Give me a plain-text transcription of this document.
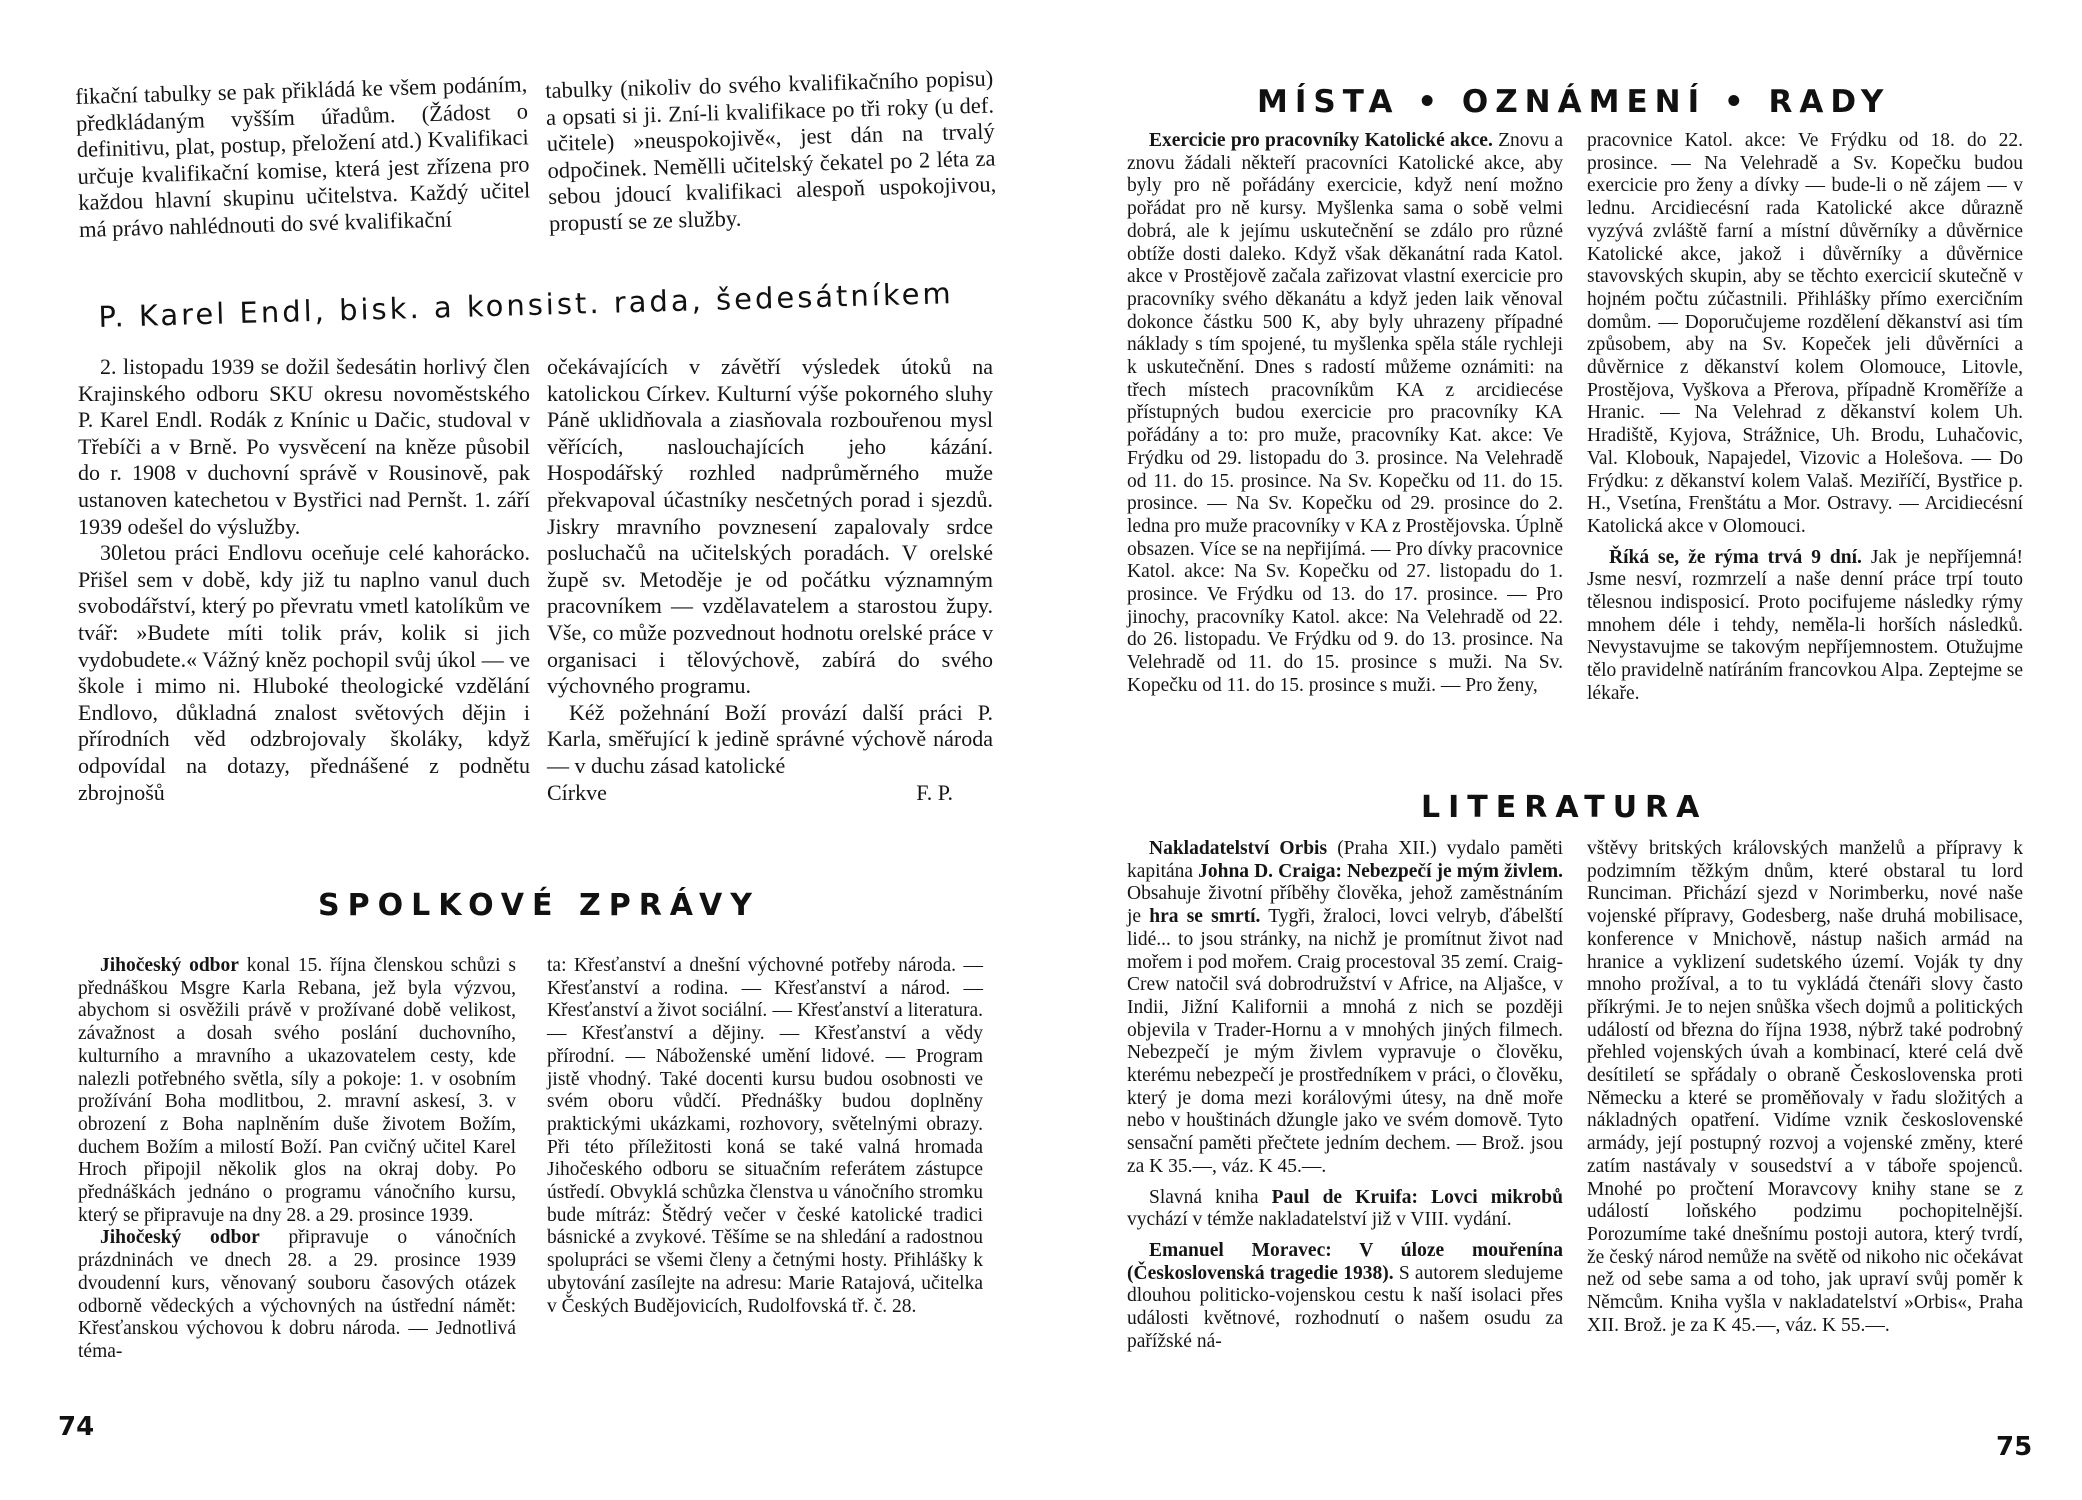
fikační tabulky se pak přikládá ke všem podáním, předkládaným vyšším úřadům. (Žádost o definitivu, plat, postup, přeložení atd.) Kvalifikaci určuje kvalifikační komise, která jest zřízena pro každou hlavní skupinu učitelstva. Každý učitel má právo nahlédnouti do své kvalifikační

tabulky (nikoliv do svého kvalifikačního popisu) a opsati si ji. Zní-li kvalifikace po tři roky (u def. učitele) »neuspokojivě«, jest dán na trvalý odpočinek. Nemělli učitelský čekatel po 2 léta za sebou jdoucí kvalifikaci alespoň uspokojivou, propustí se ze služby.

P. Karel Endl, bisk. a konsist. rada, šedesátníkem

2. listopadu 1939 se dožil šedesátin horlivý člen Krajinského odboru SKU okresu novoměstského P. Karel Endl. Rodák z Knínic u Dačic, studoval v Třebíči a v Brně. Po vysvěcení na kněze působil do r. 1908 v duchovní správě v Rousinově, pak ustanoven katechetou v Bystřici nad Pernšt. 1. září 1939 odešel do výslužby.

30letou práci Endlovu oceňuje celé kahorácko. Přišel sem v době, kdy již tu naplno vanul duch svobodářství, který po převratu vmetl katolíkům ve tvář: »Budete míti tolik práv, kolik si jich vydobudete.« Vážný kněz pochopil svůj úkol — ve škole i mimo ni. Hluboké theologické vzdělání Endlovo, důkladná znalost světových dějin i přírodních věd odzbrojovaly školáky, když odpovídal na dotazy, přednášené z podnětu zbrojnošů

očekávajících v závětří výsledek útoků na katolickou Církev. Kulturní výše pokorného sluhy Páně uklidňovala a ziasňovala rozbouřenou mysl věřících, naslouchajících jeho kázání. Hospodářský rozhled nadprůměrného muže překvapoval účastníky nesčetných porad i sjezdů. Jiskry mravního povznesení zapalovaly srdce posluchačů na učitelských poradách. V orelské župě sv. Metoděje je od počátku významným pracovníkem — vzdělavatelem a starostou župy. Vše, co může pozvednout hodnotu orelské práce v organisaci i tělovýchově, zabírá do svého výchovného programu.

Kéž požehnání Boží provází další práci P. Karla, směřující k jedině správné výchově národa — v duchu zásad katolické

Církve	F. P.
SPOLKOVÉ ZPRÁVY

Jihočeský odbor konal 15. října členskou schůzi s přednáškou Msgre Karla Rebana, jež byla výzvou, abychom si osvěžili právě v prožívané době velikost, závažnost a dosah svého poslání duchovního, kulturního a mravního a ukazovatelem cesty, kde nalezli potřebného světla, síly a pokoje: 1. v osobním prožívání Boha modlitbou, 2. mravní askesí, 3. v obrození z Boha naplněním duše životem Božím, duchem Božím a milostí Boží. Pan cvičný učitel Karel Hroch připojil několik glos na okraj doby. Po přednáškách jednáno o programu vánočního kursu, který se připravuje na dny 28. a 29. prosince 1939.

Jihočeský odbor připravuje o vánočních prázdninách ve dnech 28. a 29. prosince 1939 dvoudenní kurs, věnovaný souboru časových otázek odborně vědeckých a výchovných na ústřední námět: Křesťanskou výchovou k dobru národa. — Jednotlivá téma-

ta: Křesťanství a dnešní výchovné potřeby národa. — Křesťanství a rodina. — Křesťanství a národ. — Křesťanství a život sociální. — Křesťanství a literatura. — Křesťanství a dějiny. — Křesťanství a vědy přírodní. — Náboženské umění lidové. — Program jistě vhodný. Také docenti kursu budou osobnosti ve svém oboru vůdčí. Přednášky budou doplněny praktickými ukázkami, rozhovory, světelnými obrazy. Při této příležitosti koná se také valná hromada Jihočeského odboru se situačním referátem zástupce ústředí. Obvyklá schůzka členstva u vánočního stromku bude mítráz: Štědrý večer v české katolické tradici básnické a zvykové. Těšíme se na shledání a radostnou spolupráci se všemi členy a četnými hosty. Přihlášky k ubytování zasílejte na adresu: Marie Ratajová, učitelka v Českých Budějovicích, Rudolfovská tř. č. 28.

74
MÍSTA • OZNÁMENÍ • RADY

Exercicie pro pracovníky Katolické akce. Znovu a znovu žádali někteří pracovníci Katolické akce, aby byly pro ně pořádány exercicie, když není možno pořádat pro ně kursy. Myšlenka sama o sobě velmi dobrá, ale k jejímu uskutečnění se zdálo pro různé obtíže dosti daleko. Když však děkanátní rada Katol. akce v Prostějově začala zařizovat vlastní exercicie pro pracovníky svého děkanátu a když jeden laik věnoval dokonce částku 500 K, aby byly uhrazeny případné náklady s tím spojené, tu myšlenka spěla stále rychleji k uskutečnění. Dnes s radostí můžeme oznámiti: na třech místech pracovníkům KA z arcidiecése přístupných budou exercicie pro pracovníky KA pořádány a to: pro muže, pracovníky Kat. akce: Ve Frýdku od 29. listopadu do 3. prosince. Na Velehradě od 11. do 15. prosince. Na Sv. Kopečku od 11. do 15. prosince. — Na Sv. Kopečku od 29. prosince do 2. ledna pro muže pracovníky v KA z Prostějovska. Úplně obsazen. Více se na nepřijímá. — Pro dívky pracovnice Katol. akce: Na Sv. Kopečku od 27. listopadu do 1. prosince. Ve Frýdku od 13. do 17. prosince. — Pro jinochy, pracovníky Katol. akce: Na Velehradě od 22. do 26. listopadu. Ve Frýdku od 9. do 13. prosince. Na Velehradě od 11. do 15. prosince s muži. Na Sv. Kopečku od 11. do 15. prosince s muži. — Pro ženy,

pracovnice Katol. akce: Ve Frýdku od 18. do 22. prosince. — Na Velehradě a Sv. Kopečku budou exercicie pro ženy a dívky — bude-li o ně zájem — v lednu. Arcidiecésní rada Katolické akce důrazně vyzývá zvláště farní a místní důvěrníky a důvěrnice Katolické akce, jakož i důvěrníky a důvěrnice stavovských skupin, aby se těchto exercicií skutečně v hojném počtu zúčastnili. Přihlášky přímo exercičním domům. — Doporučujeme rozdělení děkanství asi tím způsobem, aby na Sv. Kopeček jeli důvěrníci a důvěrnice z děkanství kolem Olomouce, Litovle, Prostějova, Vyškova a Přerova, případně Kroměříže a Hranic. — Na Velehrad z děkanství kolem Uh. Hradiště, Kyjova, Strážnice, Uh. Brodu, Luhačovic, Val. Klobouk, Napajedel, Vizovic a Holešova. — Do Frýdku: z děkanství kolem Valaš. Meziříčí, Bystřice p. H., Vsetína, Frenštátu a Mor. Ostravy. — Arcidiecésní Katolická akce v Olomouci.

Říká se, že rýma trvá 9 dní. Jak je nepříjemná! Jsme nesví, rozmrzelí a naše denní práce trpí touto tělesnou indisposicí. Proto pocifujeme následky rýmy mnohem déle i tehdy, neměla-li horších následků. Nevystavujme se takovým nepříjemnostem. Otužujme tělo pravidelně natíráním francovkou Alpa. Zeptejme se lékaře.

LITERATURA

Nakladatelství Orbis (Praha XII.) vydalo paměti kapitána Johna D. Craiga: Nebezpečí je mým živlem. Obsahuje životní příběhy člověka, jehož zaměstnáním je hra se smrtí. Tygři, žraloci, lovci velryb, ďábelští lidé... to jsou stránky, na nichž je promítnut život nad mořem i pod mořem. Craig procestoval 35 zemí. Craig-Crew natočil svá dobrodružství v Africe, na Aljašce, v Indii, Jižní Kalifornii a mnohá z nich se později objevila v Trader-Hornu a v mnohých jiných filmech. Nebezpečí je mým živlem vypravuje o člověku, kterému nebezpečí je prostředníkem v práci, o člověku, který je doma mezi korálovými útesy, na dně moře nebo v houštinách džungle jako ve svém domově. Tyto sensační paměti přečtete jedním dechem. — Brož. jsou za K 35.—, váz. K 45.—.

Slavná kniha Paul de Kruifa: Lovci mikrobů vychází v témže nakladatelství již v VIII. vydání.

Emanuel Moravec: V úloze mouřenína (Československá tragedie 1938). S autorem sledujeme dlouhou politicko-vojenskou cestu k naší isolaci přes události květnové, rozhodnutí o našem osudu za pařížské ná-

vštěvy britských královských manželů a přípravy k podzimním těžkým dnům, které obstaral tu lord Runciman. Přichází sjezd v Norimberku, nové naše vojenské přípravy, Godesberg, naše druhá mobilisace, konference v Mnichově, nástup našich armád na hranice a vyklizení sudetského území. Voják ty dny mnoho prožíval, a to tu vykládá čtenáři slovy často příkrými. Je to nejen snůška všech dojmů a politických událostí od března do října 1938, nýbrž také podrobný přehled vojenských úvah a kombinací, které celá dvě desítiletí se spřádaly o obraně Československa proti Německu a které se proměňovaly v řadu složitých a nákladných opatření. Vidíme vznik československé armády, její postupný rozvoj a vojenské změny, které zatím nastávaly v sousedství a v táboře spojenců. Mnohé po pročtení Moravcovy knihy stane se z událostí loňského podzimu pochopitelnější. Porozumíme také dnešnímu postoji autora, který tvrdí, že český národ nemůže na světě od nikoho nic očekávat než od sebe sama a od toho, jak upraví svůj poměr k Němcům. Kniha vyšla v nakladatelství »Orbis«, Praha XII. Brož. je za K 45.—, váz. K 55.—.

75
